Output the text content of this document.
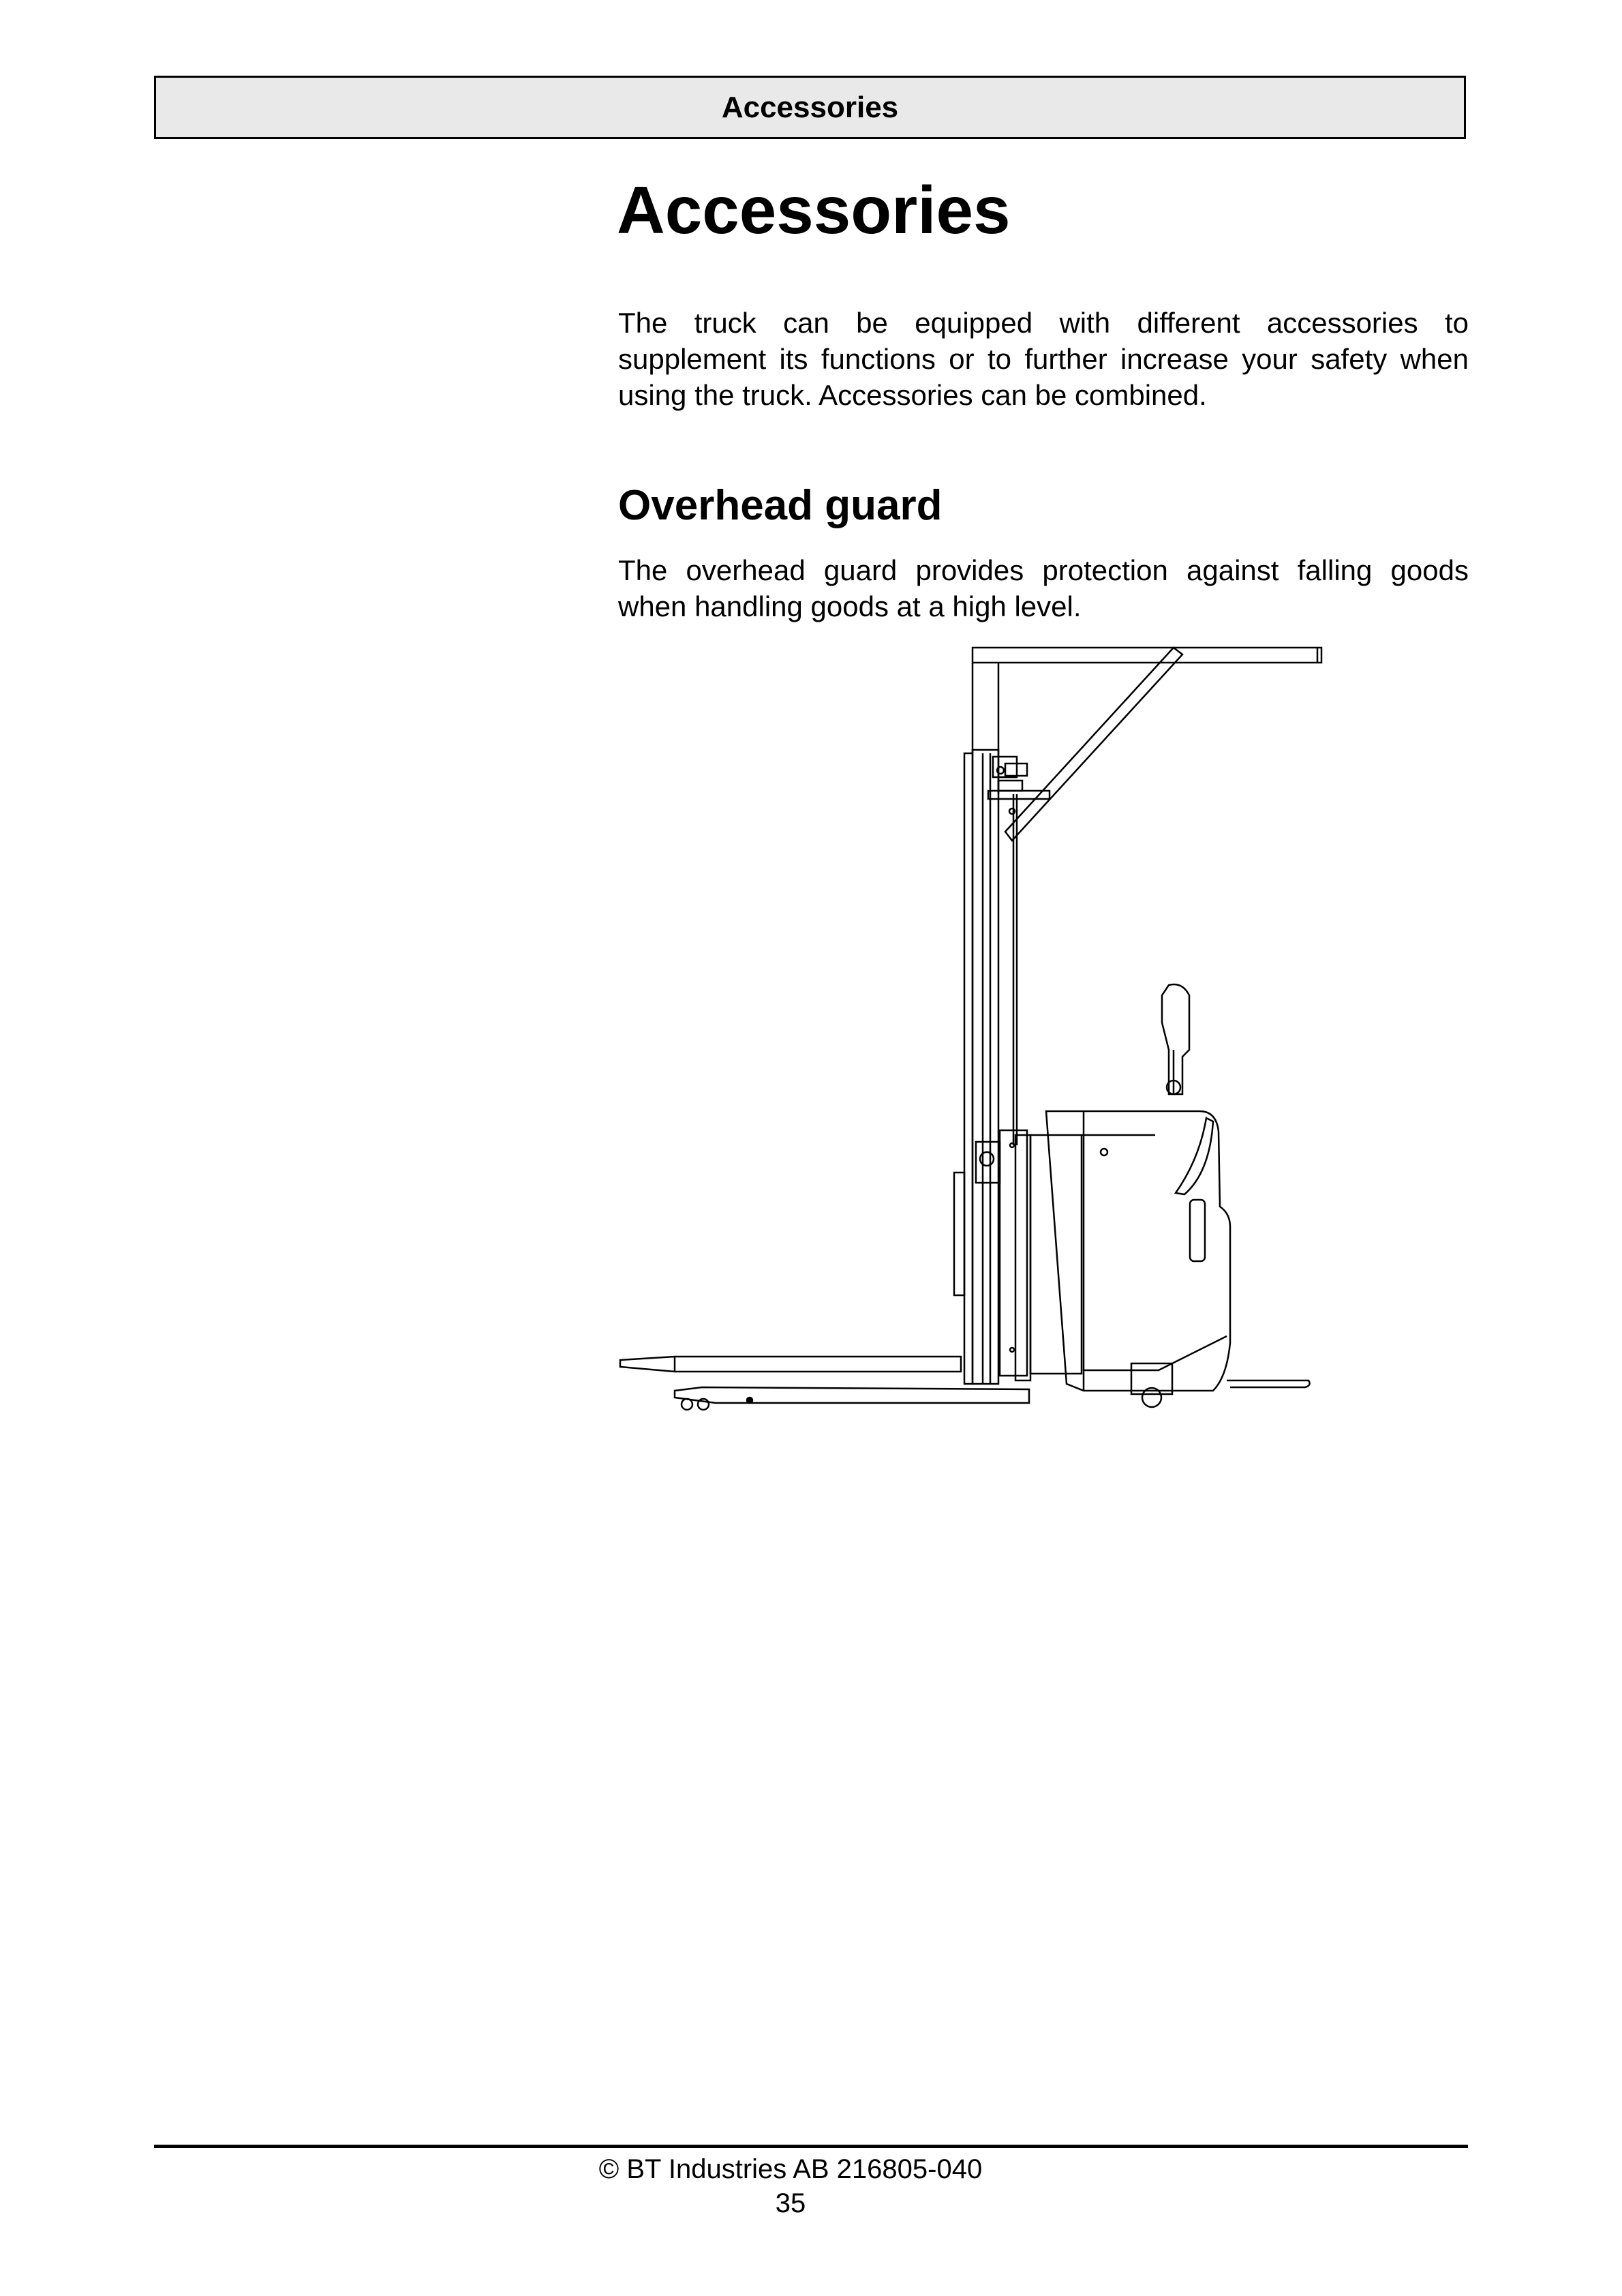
Accessories
Accessories

The truck can be equipped with different accessories to supplement its functions or to further increase your safety when using the truck. Accessories can be combined.

Overhead guard

The overhead guard provides protection against falling goods when handling goods at a high level.

© BT Industries AB 216805-040
35
